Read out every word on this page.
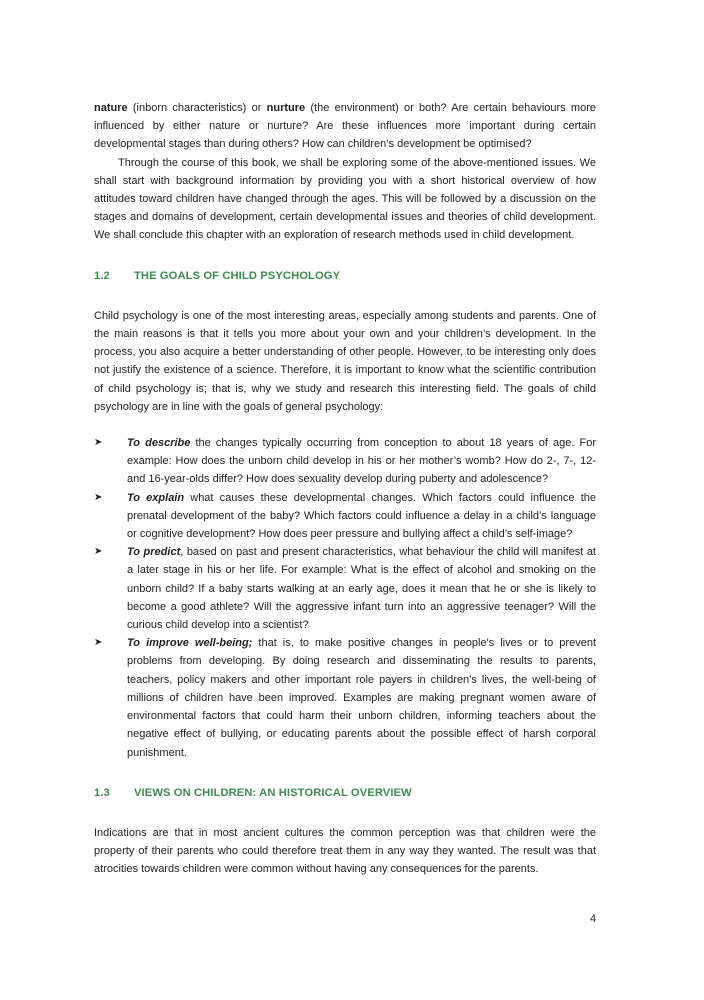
nature (inborn characteristics) or nurture (the environment) or both? Are certain behaviours more influenced by either nature or nurture? Are these influences more important during certain developmental stages than during others? How can children’s development be optimised?

Through the course of this book, we shall be exploring some of the above-mentioned issues. We shall start with background information by providing you with a short historical overview of how attitudes toward children have changed through the ages. This will be followed by a discussion on the stages and domains of development, certain developmental issues and theories of child development. We shall conclude this chapter with an exploration of research methods used in child development.

1.2	THE GOALS OF CHILD PSYCHOLOGY

Child psychology is one of the most interesting areas, especially among students and parents. One of the main reasons is that it tells you more about your own and your children’s development. In the process, you also acquire a better understanding of other people. However, to be interesting only does not justify the existence of a science. Therefore, it is important to know what the scientific contribution of child psychology is; that is, why we study and research this interesting field. The goals of child psychology are in line with the goals of general psychology:

➤	To describe the changes typically occurring from conception to about 18 years of age. For example: How does the unborn child develop in his or her mother’s womb? How do 2-, 7-, 12- and 16-year-olds differ? How does sexuality develop during puberty and adolescence?
➤	To explain what causes these developmental changes. Which factors could influence the prenatal development of the baby? Which factors could influence a delay in a child’s language or cognitive development? How does peer pressure and bullying affect a child’s self-image?
➤	To predict, based on past and present characteristics, what behaviour the child will manifest at a later stage in his or her life. For example: What is the effect of alcohol and smoking on the unborn child? If a baby starts walking at an early age, does it mean that he or she is likely to become a good athlete? Will the aggressive infant turn into an aggressive teenager? Will the curious child develop into a scientist?
➤	To improve well-being; that is, to make positive changes in people's lives or to prevent problems from developing. By doing research and disseminating the results to parents, teachers, policy makers and other important role payers in children’s lives, the well-being of millions of children have been improved. Examples are making pregnant women aware of environmental factors that could harm their unborn children, informing teachers about the negative effect of bullying, or educating parents about the possible effect of harsh corporal punishment.
1.3	VIEWS ON CHILDREN: AN HISTORICAL OVERVIEW

Indications are that in most ancient cultures the common perception was that children were the property of their parents who could therefore treat them in any way they wanted. The result was that atrocities towards children were common without having any consequences for the parents.

4
